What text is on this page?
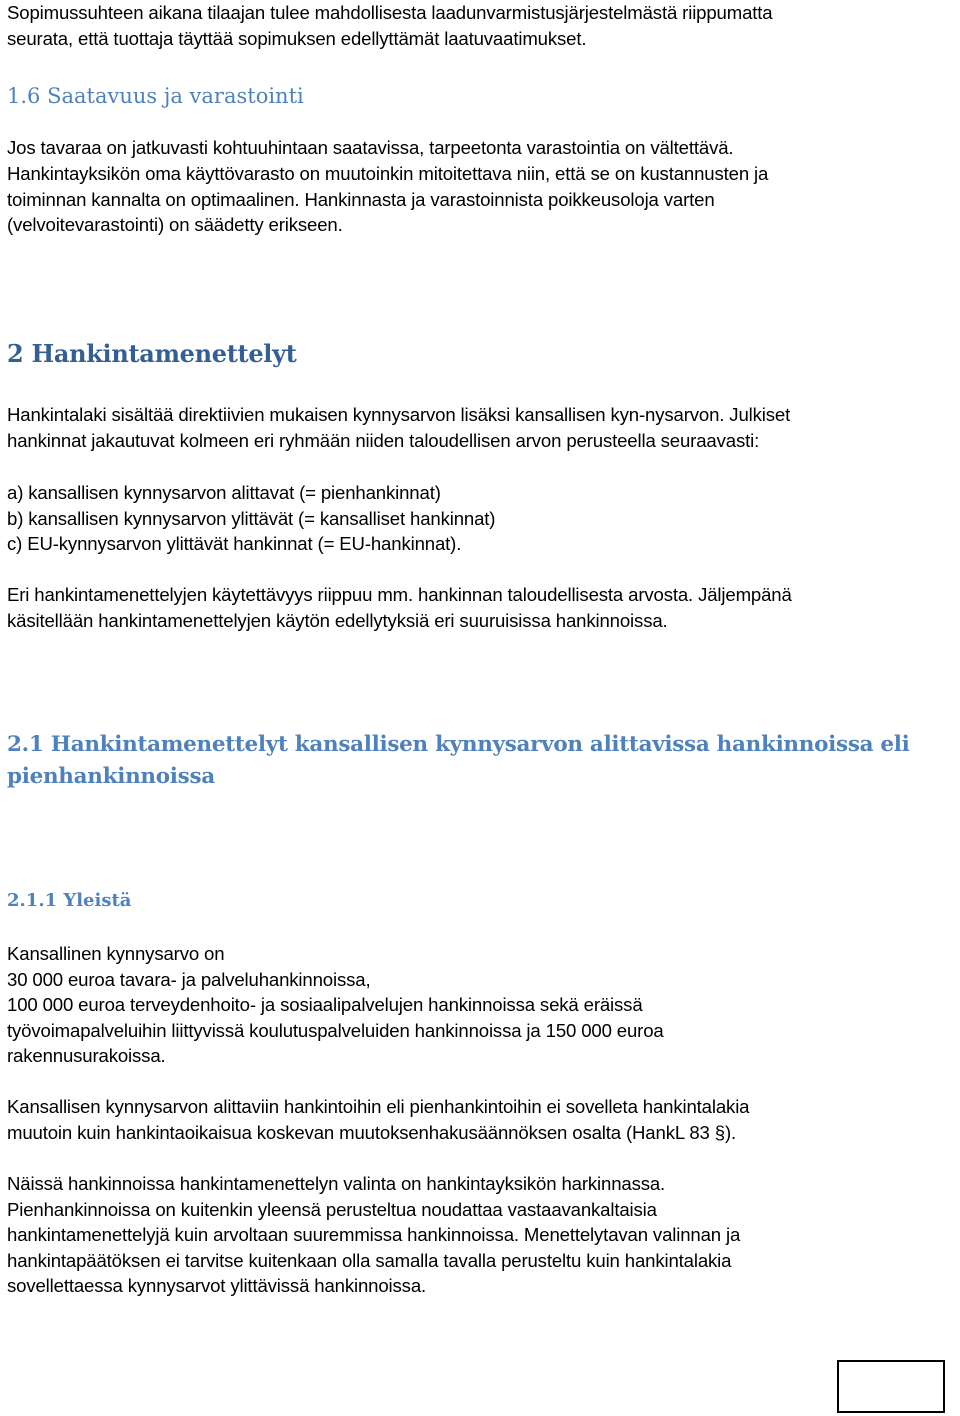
Sopimussuhteen aikana tilaajan tulee mahdollisesta laadunvarmistusjärjestelmästä riippumatta
seurata, että tuottaja täyttää sopimuksen edellyttämät laatuvaatimukset.
1.6 Saatavuus ja varastointi
Jos tavaraa on jatkuvasti kohtuuhintaan saatavissa, tarpeetonta varastointia on vältettävä.
Hankintayksikön oma käyttövarasto on muutoinkin mitoitettava niin, että se on kustannusten ja
toiminnan kannalta on optimaalinen. Hankinnasta ja varastoinnista poikkeusoloja varten
(velvoitevarastointi) on säädetty erikseen.
2 Hankintamenettelyt
Hankintalaki sisältää direktiivien mukaisen kynnysarvon lisäksi kansallisen kyn-nysarvon. Julkiset
hankinnat jakautuvat kolmeen eri ryhmään niiden taloudellisen arvon perusteella seuraavasti:
a) kansallisen kynnysarvon alittavat (= pienhankinnat)
b) kansallisen kynnysarvon ylittävät (= kansalliset hankinnat)
c) EU-kynnysarvon ylittävät hankinnat (= EU-hankinnat).
Eri hankintamenettelyjen käytettävyys riippuu mm. hankinnan taloudellisesta arvosta. Jäljempänä
käsitellään hankintamenettelyjen käytön edellytyksiä eri suuruisissa hankinnoissa.
2.1 Hankintamenettelyt kansallisen kynnysarvon alittavissa hankinnoissa eli
pienhankinnoissa
2.1.1 Yleistä
Kansallinen kynnysarvo on
30 000 euroa tavara- ja palveluhankinnoissa,
100 000 euroa terveydenhoito- ja sosiaalipalvelujen hankinnoissa sekä eräissä
työvoimapalveluihin liittyvissä koulutuspalveluiden hankinnoissa ja 150 000 euroa
rakennusurakoissa.
Kansallisen kynnysarvon alittaviin hankintoihin eli pienhankintoihin ei sovelleta hankintalakia
muutoin kuin hankintaoikaisua koskevan muutoksenhakusäännöksen osalta (HankL 83 §).
Näissä hankinnoissa hankintamenettelyn valinta on hankintayksikön harkinnassa.
Pienhankinnoissa on kuitenkin yleensä perusteltua noudattaa vastaavankaltaisia
hankintamenettelyjä kuin arvoltaan suuremmissa hankinnoissa. Menettelytavan valinnan ja
hankintapäätöksen ei tarvitse kuitenkaan olla samalla tavalla perusteltu kuin hankintalakia
sovellettaessa kynnysarvot ylittävissä hankinnoissa.
